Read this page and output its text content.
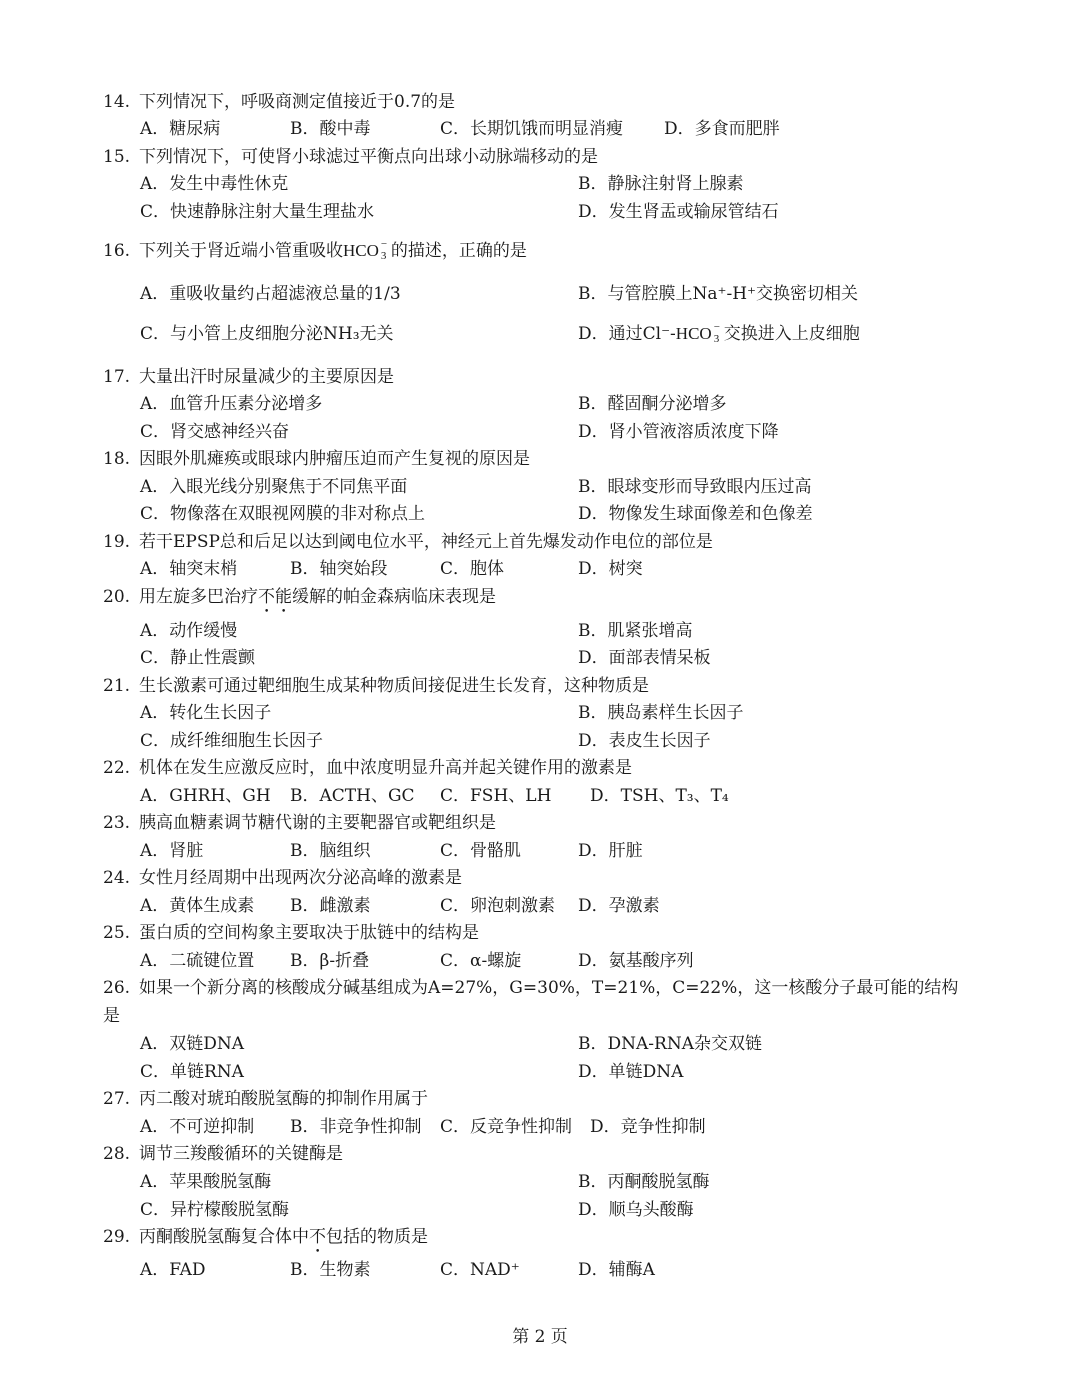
14. 下列情况下，呼吸商测定值接近于0.7的是
A．糖尿病	B．酸中毒	C．长期饥饿而明显消瘦 D．多食而肥胖
15. 下列情况下，可使肾小球滤过平衡点向出球小动脉端移动的是
A．发生中毒性休克	B．静脉注射肾上腺素
C．快速静脉注射大量生理盐水	D．发生肾盂或输尿管结石
16. 下列关于肾近端小管重吸收HCO −
3 的描述，正确的是
A．重吸收量约占超滤液总量的1/3	B．与管腔膜上Na⁺-H⁺交换密切相关
C．与小管上皮细胞分泌NH₃无关	D．通过Cl⁻-HCO −
3 交换进入上皮细胞
17. 大量出汗时尿量减少的主要原因是
A．血管升压素分泌增多	B．醛固酮分泌增多
C．肾交感神经兴奋	D．肾小管液溶质浓度下降
18. 因眼外肌瘫痪或眼球内肿瘤压迫而产生复视的原因是
A．入眼光线分别聚焦于不同焦平面	B．眼球变形而导致眼内压过高
C．物像落在双眼视网膜的非对称点上	D．物像发生球面像差和色像差
19. 若干EPSP总和后足以达到阈电位水平，神经元上首先爆发动作电位的部位是
A．轴突末梢	B．轴突始段	C．胞体	D．树突
20. 用左旋多巴治疗不能缓解的帕金森病临床表现是
A．动作缓慢	B．肌紧张增高
C．静止性震颤	D．面部表情呆板
21. 生长激素可通过靶细胞生成某种物质间接促进生长发育，这种物质是
A．转化生长因子	B．胰岛素样生长因子
C．成纤维细胞生长因子	D．表皮生长因子
22. 机体在发生应激反应时，血中浓度明显升高并起关键作用的激素是
A．GHRH、GH B．ACTH、GC C．FSH、LH D．TSH、T₃、T₄
23. 胰高血糖素调节糖代谢的主要靶器官或靶组织是
A．肾脏	B．脑组织	C．骨骼肌	D．肝脏
24. 女性月经周期中出现两次分泌高峰的激素是
A．黄体生成素 B．雌激素	C．卵泡刺激素 D．孕激素
25. 蛋白质的空间构象主要取决于肽链中的结构是
A．二硫键位置 B．β-折叠	C．α-螺旋	D．氨基酸序列
26. 如果一个新分离的核酸成分碱基组成为A=27%，G=30%，T=21%，C=22%，这一核酸分子最可能的结构
是
A．双链DNA	B．DNA-RNA杂交双链
C．单链RNA	D．单链DNA
27. 丙二酸对琥珀酸脱氢酶的抑制作用属于
A．不可逆抑制 B．非竞争性抑制 C．反竞争性抑制 D．竞争性抑制
28. 调节三羧酸循环的关键酶是
A．苹果酸脱氢酶	B．丙酮酸脱氢酶
C．异柠檬酸脱氢酶	D．顺乌头酸酶
29. 丙酮酸脱氢酶复合体中不包括的物质是
A．FAD	B．生物素	C．NAD⁺	D．辅酶A
第 2 页
